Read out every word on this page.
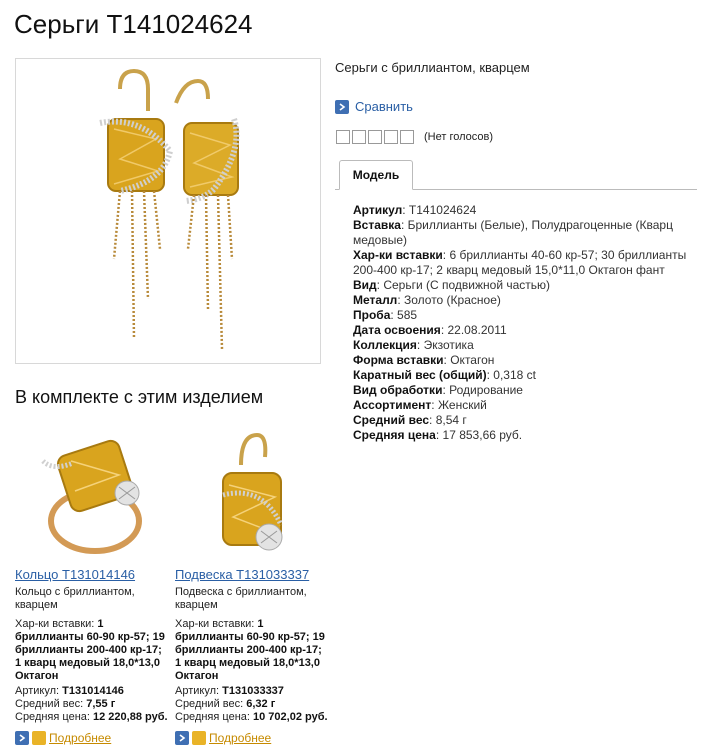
Серьги Т141024624
Серьги с бриллиантом, кварцем
Сравнить
(Нет голосов)
Модель
Артикул: Т141024624
Вставка: Бриллианты (Белые), Полудрагоценные (Кварц медовые)
Хар-ки вставки: 6 бриллианты 40-60 кр-57; 30 бриллианты 200-400 кр-17; 2 кварц медовый 15,0*11,0 Октагон фант
Вид: Серьги (С подвижной частью)
Металл: Золото (Красное)
Проба: 585
Дата освоения: 22.08.2011
Коллекция: Экзотика
Форма вставки: Октагон
Каратный вес (общий): 0,318 ct
Вид обработки: Родирование
Ассортимент: Женский
Средний вес: 8,54 г
Средняя цена: 17 853,66 руб.
В комплекте с этим изделием
Кольцо Т131014146
Кольцо с бриллиантом, кварцем
Хар-ки вставки: 1 бриллианты 60-90 кр-57; 19 бриллианты 200-400 кр-17; 1 кварц медовый 18,0*13,0 Октагон
Артикул: Т131014146
Средний вес: 7,55 г
Средняя цена: 12 220,88 руб.
Подробнее
Подвеска Т131033337
Подвеска с бриллиантом, кварцем
Хар-ки вставки: 1 бриллианты 60-90 кр-57; 19 бриллианты 200-400 кр-17; 1 кварц медовый 18,0*13,0 Октагон
Артикул: Т131033337
Средний вес: 6,32 г
Средняя цена: 10 702,02 руб.
Подробнее
